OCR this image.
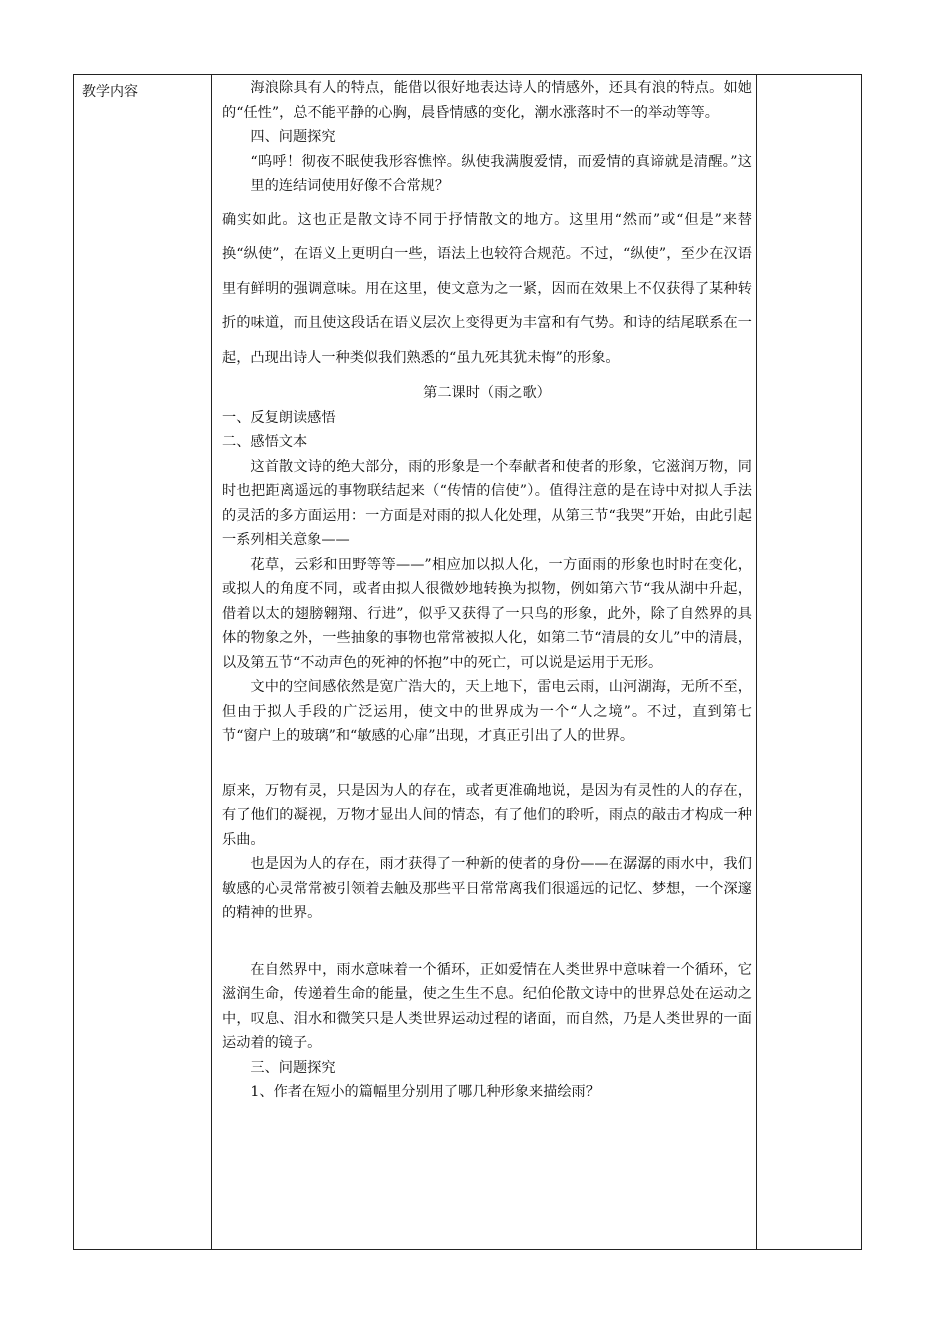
教学内容	海浪除具有人的特点，能借以很好地表达诗人的情感外，还具有浪的特点。如她的“任性”，总不能平静的心胸，晨昏情感的变化，潮水涨落时不一的举动等等。

四、问题探究

“呜呼！彻夜不眠使我形容憔悴。纵使我满腹爱情，而爱情的真谛就是清醒。”这里的连结词使用好像不合常规？

确实如此。这也正是散文诗不同于抒情散文的地方。这里用“然而”或“但是”来替换“纵使”，在语义上更明白一些，语法上也较符合规范。不过，“纵使”，至少在汉语里有鲜明的强调意味。用在这里，使文意为之一紧，因而在效果上不仅获得了某种转折的味道，而且使这段话在语义层次上变得更为丰富和有气势。和诗的结尾联系在一起，凸现出诗人一种类似我们熟悉的“虽九死其犹未悔”的形象。

第二课时（雨之歌）

一、反复朗读感悟

二、感悟文本

这首散文诗的绝大部分，雨的形象是一个奉献者和使者的形象，它滋润万物，同时也把距离遥远的事物联结起来（“传情的信使”）。值得注意的是在诗中对拟人手法的灵活的多方面运用：一方面是对雨的拟人化处理，从第三节“我哭”开始，由此引起一系列相关意象——

花草，云彩和田野等等——”相应加以拟人化，一方面雨的形象也时时在变化，或拟人的角度不同，或者由拟人很微妙地转换为拟物，例如第六节“我从湖中升起，借着以太的翅膀翱翔、行进”，似乎又获得了一只鸟的形象，此外，除了自然界的具体的物象之外，一些抽象的事物也常常被拟人化，如第二节“清晨的女儿”中的清晨，以及第五节“不动声色的死神的怀抱”中的死亡，可以说是运用于无形。

文中的空间感依然是宽广浩大的，天上地下，雷电云雨，山河湖海，无所不至，但由于拟人手段的广泛运用，使文中的世界成为一个“人之境”。不过，直到第七节“窗户上的玻璃”和“敏感的心扉”出现，才真正引出了人的世界。

原来，万物有灵，只是因为人的存在，或者更准确地说，是因为有灵性的人的存在，有了他们的凝视，万物才显出人间的情态，有了他们的聆听，雨点的敲击才构成一种乐曲。

也是因为人的存在，雨才获得了一种新的使者的身份——在潺潺的雨水中，我们敏感的心灵常常被引领着去触及那些平日常常离我们很遥远的记忆、梦想，一个深邃的精神的世界。

在自然界中，雨水意味着一个循环，正如爱情在人类世界中意味着一个循环，它滋润生命，传递着生命的能量，使之生生不息。纪伯伦散文诗中的世界总处在运动之中，叹息、泪水和微笑只是人类世界运动过程的诸面，而自然，乃是人类世界的一面运动着的镜子。

三、问题探究

1、作者在短小的篇幅里分别用了哪几种形象来描绘雨？
